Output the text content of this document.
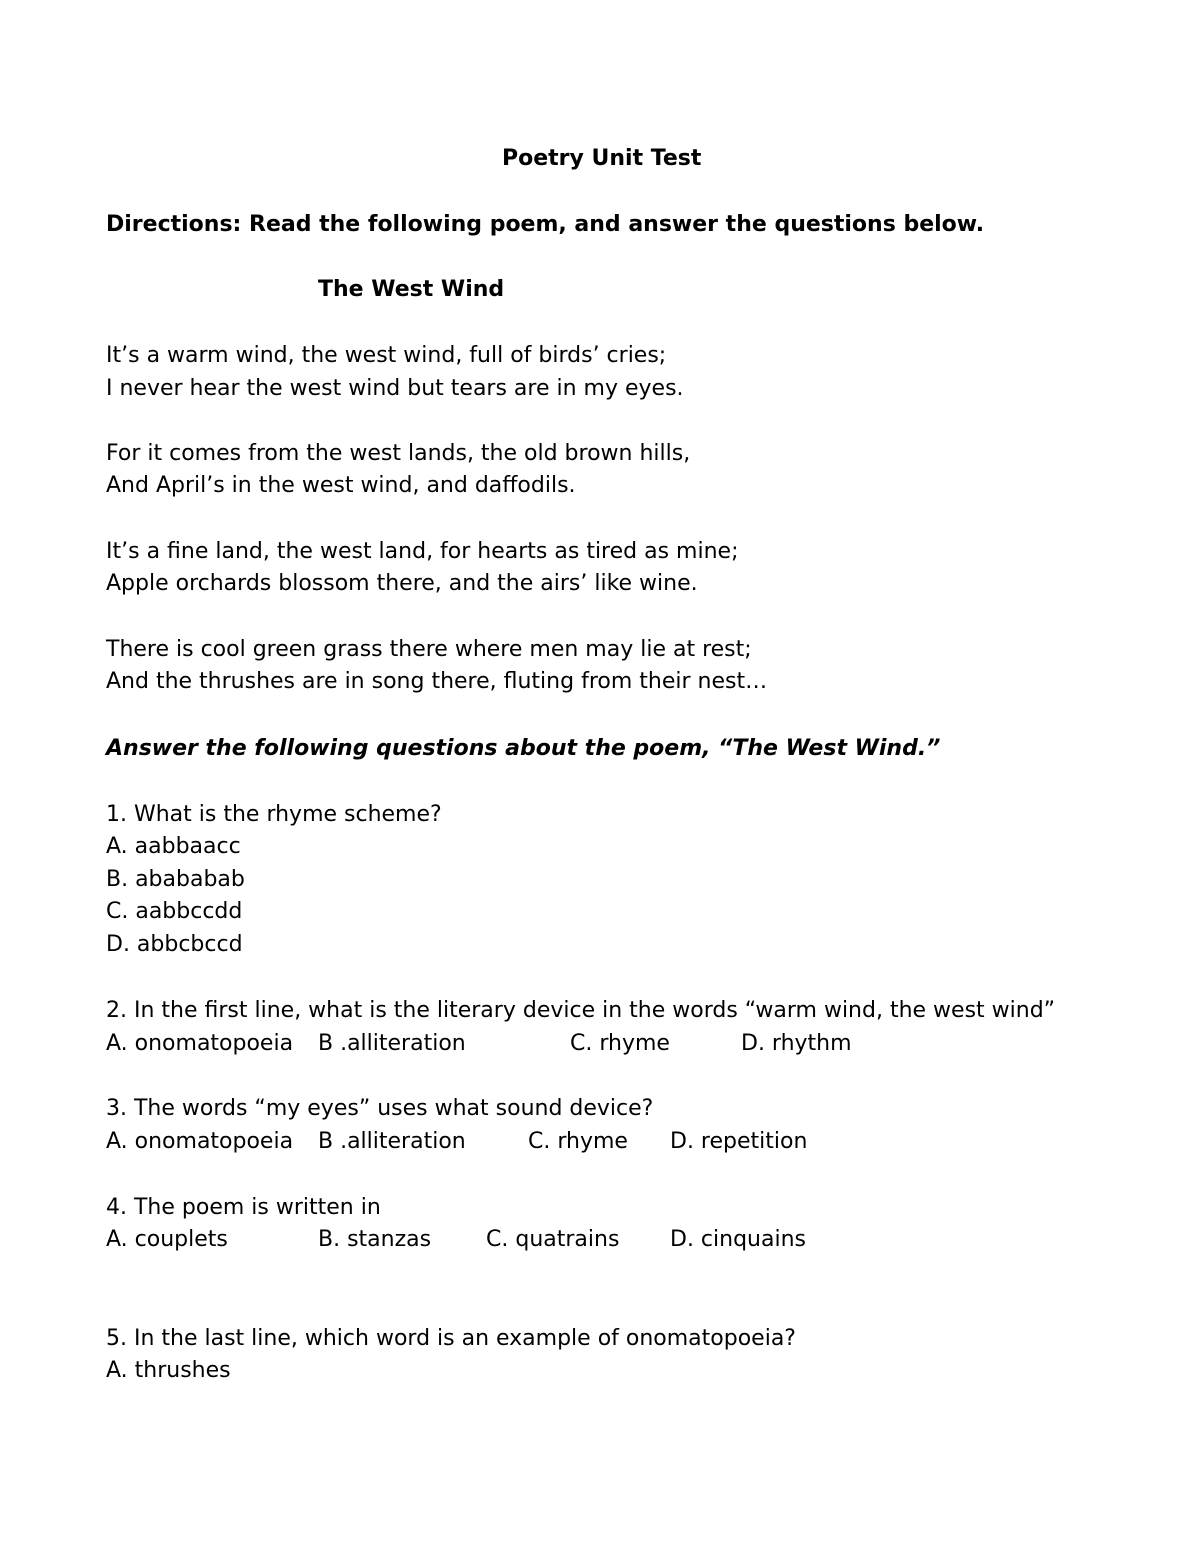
Poetry Unit Test
Directions: Read the following poem, and answer the questions below.
The West Wind
It’s a warm wind, the west wind, full of birds’ cries;
I never hear the west wind but tears are in my eyes.
For it comes from the west lands, the old brown hills,
And April’s in the west wind, and daffodils.
It’s a fine land, the west land, for hearts as tired as mine;
Apple orchards blossom there, and the airs’ like wine.
There is cool green grass there where men may lie at rest;
And the thrushes are in song there, fluting from their nest…
Answer the following questions about the poem, “The West Wind.”
1. What is the rhyme scheme?
A. aabbaacc
B. abababab
C. aabbccdd
D. abbcbccd
2. In the first line, what is the literary device in the words “warm wind, the west wind”
A. onomatopoeia B .alliteration	C. rhyme	D. rhythm
3. The words “my eyes” uses what sound device?
A. onomatopoeia B .alliteration	C. rhyme D. repetition
4. The poem is written in
A. couplets	B. stanzas C. quatrains D. cinquains
5. In the last line, which word is an example of onomatopoeia?
A. thrushes
